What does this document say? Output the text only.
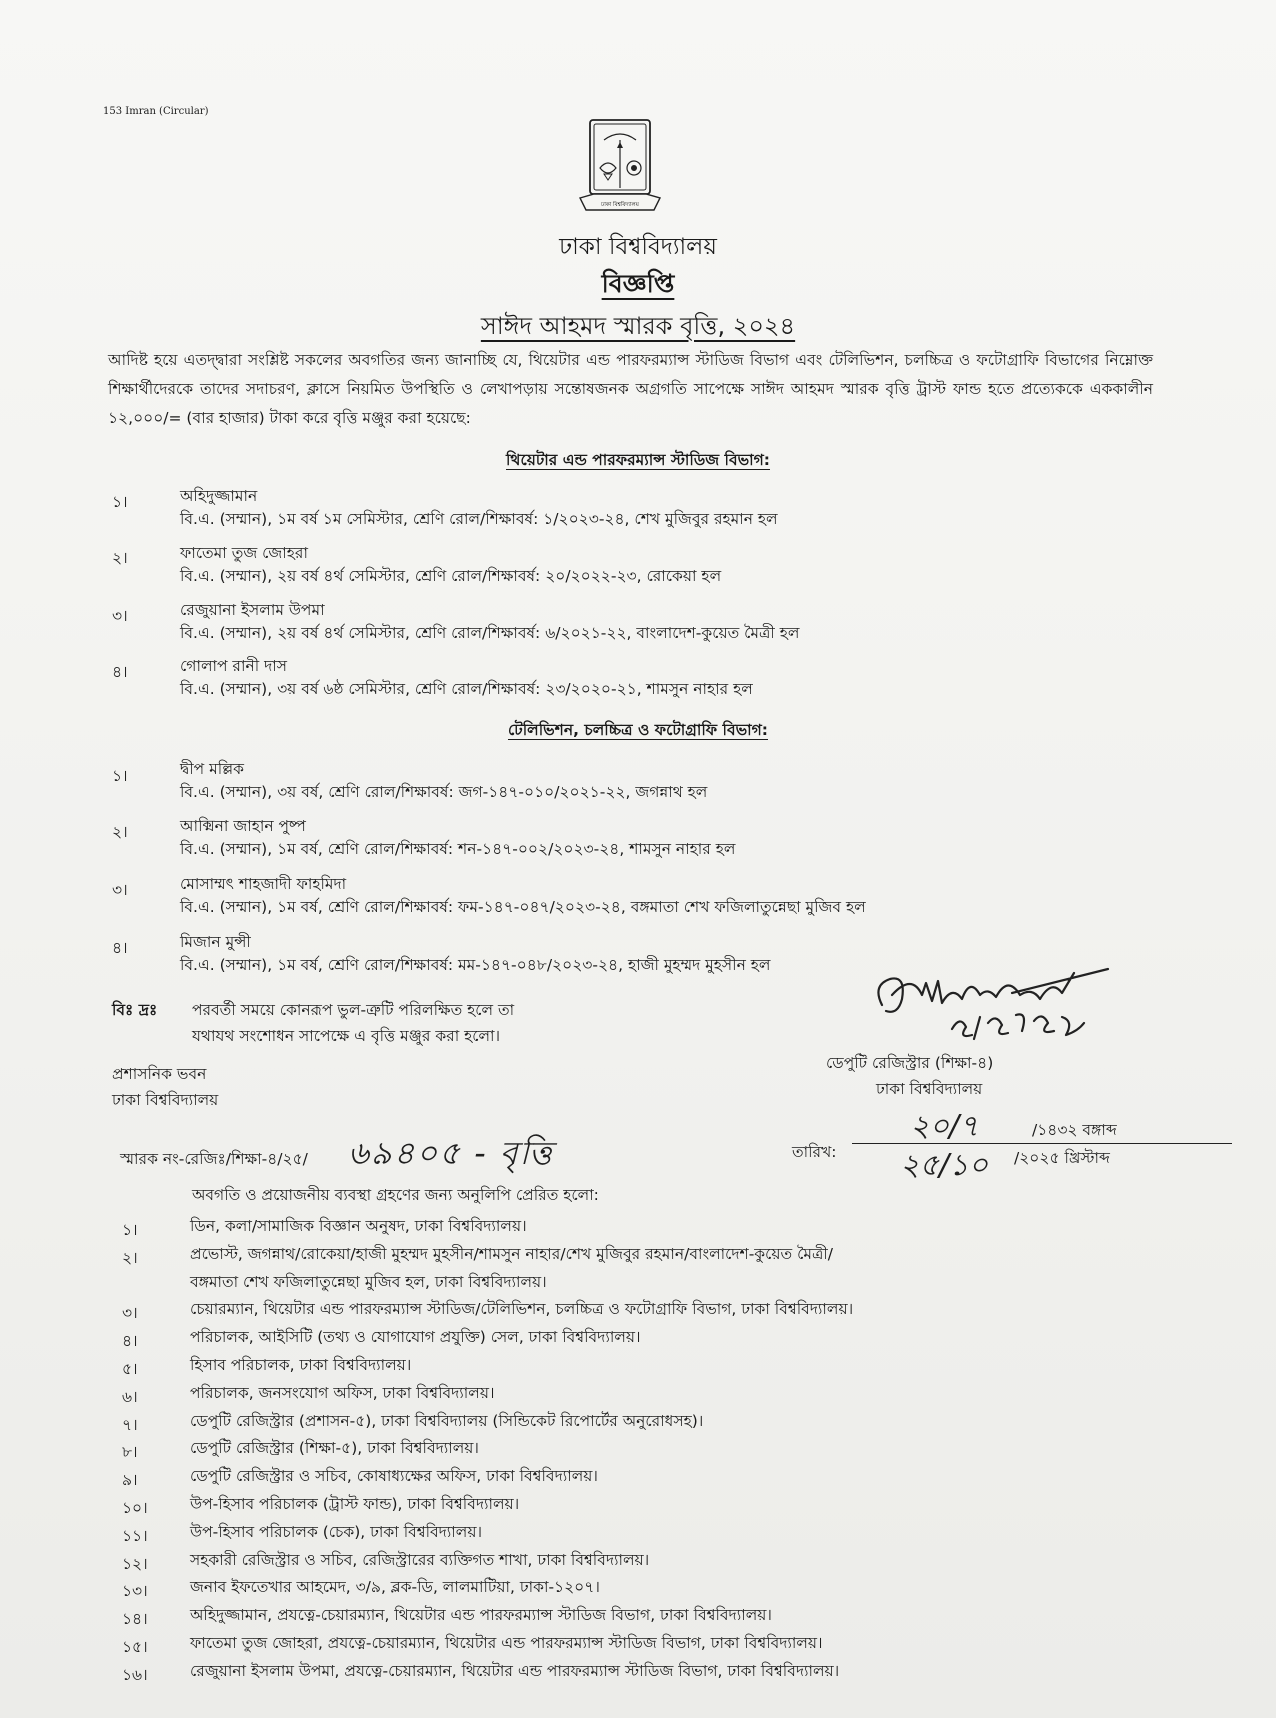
153 Imran (Circular)
ঢাকা বিশ্ববিদ্যালয়
ঢাকা বিশ্ববিদ্যালয়
বিজ্ঞপ্তি
সাঈদ আহমদ স্মারক বৃত্তি, ২০২৪
আদিষ্ট হয়ে এতদ্দ্বারা সংশ্লিষ্ট সকলের অবগতির জন্য জানাচ্ছি যে, থিয়েটার এন্ড পারফরম্যান্স স্টাডিজ বিভাগ এবং টেলিভিশন, চলচ্চিত্র ও ফটোগ্রাফি বিভাগের নিম্নোক্ত শিক্ষার্থীদেরকে তাদের সদাচরণ, ক্লাসে নিয়মিত উপস্থিতি ও লেখাপড়ায় সন্তোষজনক অগ্রগতি সাপেক্ষে সাঈদ আহমদ স্মারক বৃত্তি ট্রাস্ট ফান্ড হতে প্রত্যেককে এককালীন ১২,০০০/= (বার হাজার) টাকা করে বৃত্তি মঞ্জুর করা হয়েছে:
থিয়েটার এন্ড পারফরম্যান্স স্টাডিজ বিভাগ:
১।	অহিদুজ্জামান
বি.এ. (সম্মান), ১ম বর্ষ ১ম সেমিস্টার, শ্রেণি রোল/শিক্ষাবর্ষ: ১/২০২৩-২৪, শেখ মুজিবুর রহমান হল
২।	ফাতেমা তুজ জোহরা
বি.এ. (সম্মান), ২য় বর্ষ ৪র্থ সেমিস্টার, শ্রেণি রোল/শিক্ষাবর্ষ: ২০/২০২২-২৩, রোকেয়া হল
৩।	রেজুয়ানা ইসলাম উপমা
বি.এ. (সম্মান), ২য় বর্ষ ৪র্থ সেমিস্টার, শ্রেণি রোল/শিক্ষাবর্ষ: ৬/২০২১-২২, বাংলাদেশ-কুয়েত মৈত্রী হল
৪।	গোলাপ রানী দাস
বি.এ. (সম্মান), ৩য় বর্ষ ৬ষ্ঠ সেমিস্টার, শ্রেণি রোল/শিক্ষাবর্ষ: ২৩/২০২০-২১, শামসুন নাহার হল
টেলিভিশন, চলচ্চিত্র ও ফটোগ্রাফি বিভাগ:
১।	দ্বীপ মল্লিক
বি.এ. (সম্মান), ৩য় বর্ষ, শ্রেণি রোল/শিক্ষাবর্ষ: জগ-১৪৭-০১০/২০২১-২২, জগন্নাথ হল
২।	আক্মিনা জাহান পুষ্প
বি.এ. (সম্মান), ১ম বর্ষ, শ্রেণি রোল/শিক্ষাবর্ষ: শন-১৪৭-০০২/২০২৩-২৪, শামসুন নাহার হল
৩।	মোসাম্মৎ শাহজাদী ফাহমিদা
বি.এ. (সম্মান), ১ম বর্ষ, শ্রেণি রোল/শিক্ষাবর্ষ: ফম-১৪৭-০৪৭/২০২৩-২৪, বঙ্গমাতা শেখ ফজিলাতুন্নেছা মুজিব হল
৪।	মিজান মুন্সী
বি.এ. (সম্মান), ১ম বর্ষ, শ্রেণি রোল/শিক্ষাবর্ষ: মম-১৪৭-০৪৮/২০২৩-২৪, হাজী মুহম্মদ মুহসীন হল
বিঃ দ্রঃ পরবর্তী সময়ে কোনরূপ ভুল-ত্রুটি পরিলক্ষিত হলে তা
যথাযথ সংশোধন সাপেক্ষে এ বৃত্তি মঞ্জুর করা হলো।
ডেপুটি রেজিস্ট্রার (শিক্ষা-৪)
ঢাকা বিশ্ববিদ্যালয়
প্রশাসনিক ভবন
ঢাকা বিশ্ববিদ্যালয়
স্মারক নং-রেজিঃ/শিক্ষা-৪/২৫/ ৬৯৪০৫ - বৃত্তি	তারিখ:
২০/৭	/১৪৩২ বঙ্গাব্দ
২৫/১০ /২০২৫ খ্রিস্টাব্দ
অবগতি ও প্রয়োজনীয় ব্যবস্থা গ্রহণের জন্য অনুলিপি প্রেরিত হলো:
১।	ডিন, কলা/সামাজিক বিজ্ঞান অনুষদ, ঢাকা বিশ্ববিদ্যালয়।
২।	প্রভোস্ট, জগন্নাথ/রোকেয়া/হাজী মুহম্মদ মুহসীন/শামসুন নাহার/শেখ মুজিবুর রহমান/বাংলাদেশ-কুয়েত মৈত্রী/
বঙ্গমাতা শেখ ফজিলাতুন্নেছা মুজিব হল, ঢাকা বিশ্ববিদ্যালয়।
৩।	চেয়ারম্যান, থিয়েটার এন্ড পারফরম্যান্স স্টাডিজ/টেলিভিশন, চলচ্চিত্র ও ফটোগ্রাফি বিভাগ, ঢাকা বিশ্ববিদ্যালয়।
৪।	পরিচালক, আইসিটি (তথ্য ও যোগাযোগ প্রযুক্তি) সেল, ঢাকা বিশ্ববিদ্যালয়।
৫।	হিসাব পরিচালক, ঢাকা বিশ্ববিদ্যালয়।
৬।	পরিচালক, জনসংযোগ অফিস, ঢাকা বিশ্ববিদ্যালয়।
৭।	ডেপুটি রেজিস্ট্রার (প্রশাসন-৫), ঢাকা বিশ্ববিদ্যালয় (সিন্ডিকেট রিপোর্টের অনুরোধসহ)।
৮।	ডেপুটি রেজিস্ট্রার (শিক্ষা-৫), ঢাকা বিশ্ববিদ্যালয়।
৯।	ডেপুটি রেজিস্ট্রার ও সচিব, কোষাধ্যক্ষের অফিস, ঢাকা বিশ্ববিদ্যালয়।
১০।	উপ-হিসাব পরিচালক (ট্রাস্ট ফান্ড), ঢাকা বিশ্ববিদ্যালয়।
১১।	উপ-হিসাব পরিচালক (চেক), ঢাকা বিশ্ববিদ্যালয়।
১২।	সহকারী রেজিস্ট্রার ও সচিব, রেজিস্ট্রারের ব্যক্তিগত শাখা, ঢাকা বিশ্ববিদ্যালয়।
১৩।	জনাব ইফতেখার আহমেদ, ৩/৯, ব্লক-ডি, লালমাটিয়া, ঢাকা-১২০৭।
১৪।	অহিদুজ্জামান, প্রযত্নে-চেয়ারম্যান, থিয়েটার এন্ড পারফরম্যান্স স্টাডিজ বিভাগ, ঢাকা বিশ্ববিদ্যালয়।
১৫।	ফাতেমা তুজ জোহরা, প্রযত্নে-চেয়ারম্যান, থিয়েটার এন্ড পারফরম্যান্স স্টাডিজ বিভাগ, ঢাকা বিশ্ববিদ্যালয়।
১৬।	রেজুয়ানা ইসলাম উপমা, প্রযত্নে-চেয়ারম্যান, থিয়েটার এন্ড পারফরম্যান্স স্টাডিজ বিভাগ, ঢাকা বিশ্ববিদ্যালয়।
